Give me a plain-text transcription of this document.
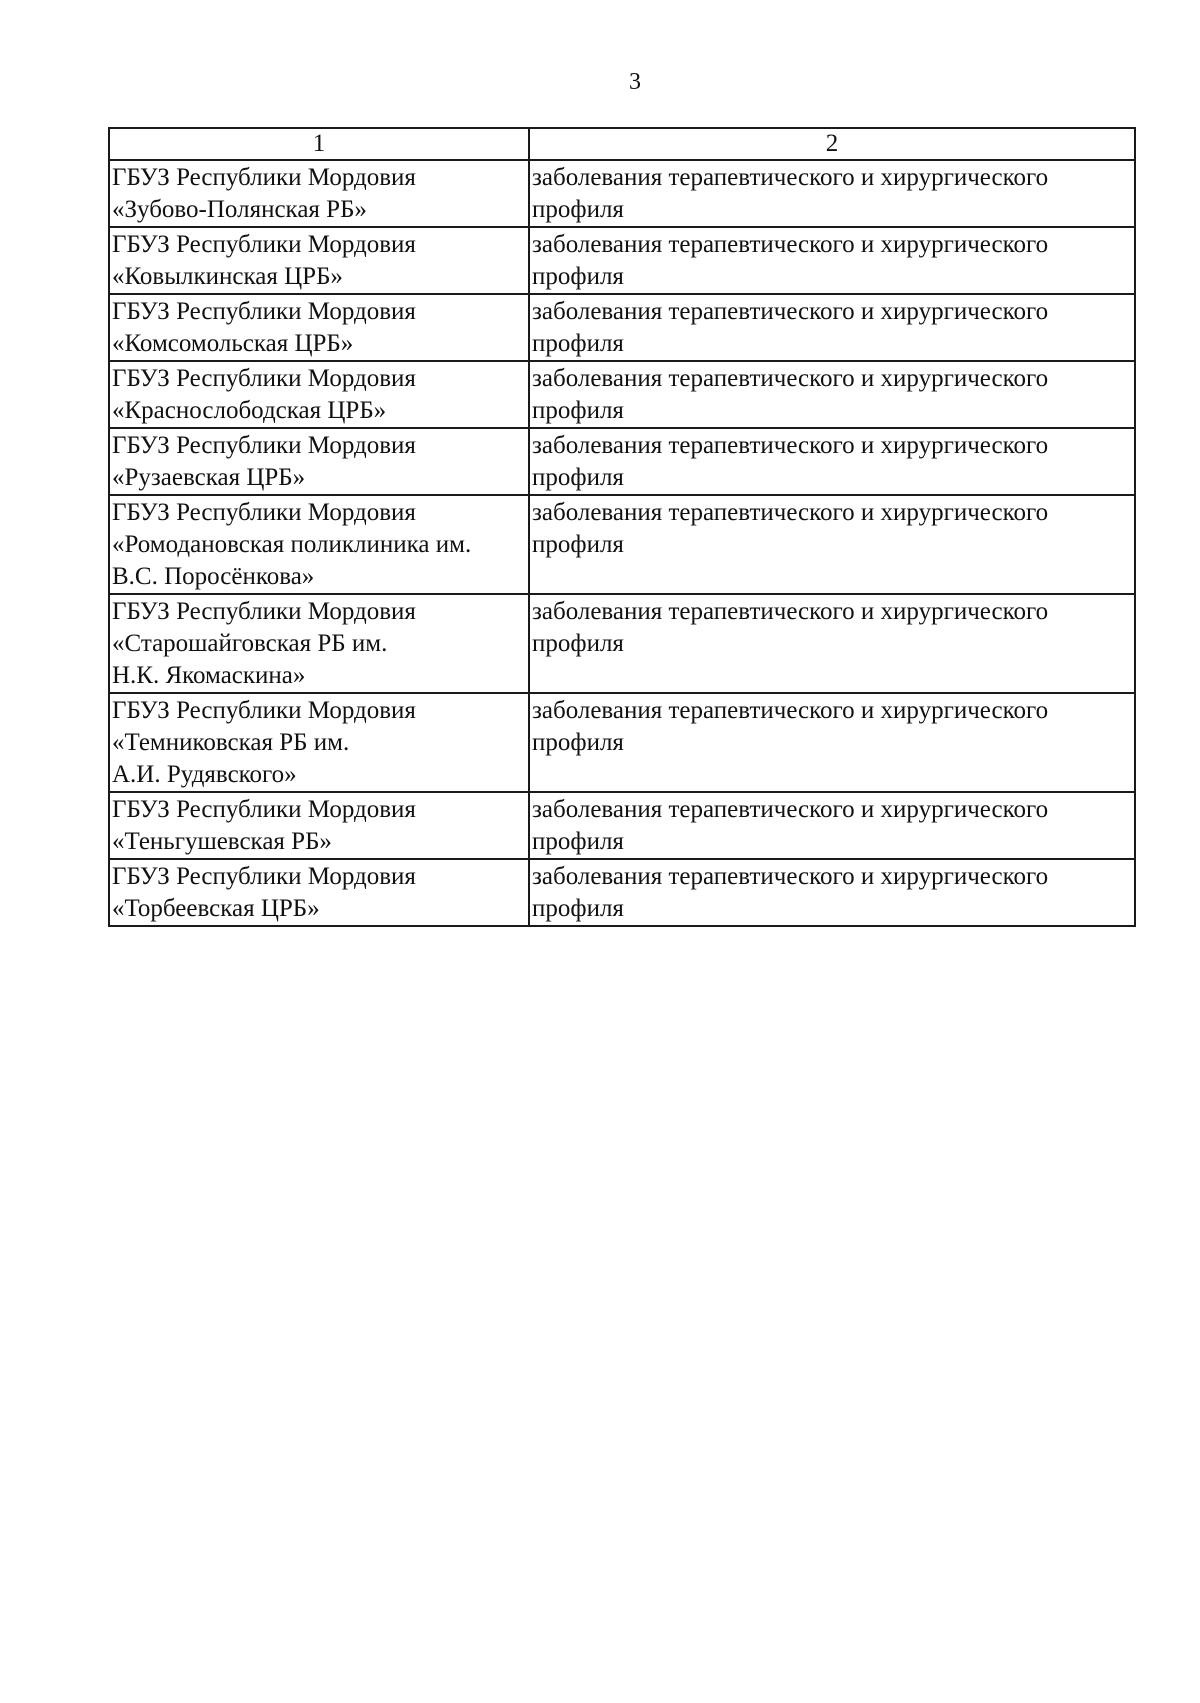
3
1	2

ГБУЗ Республики Мордовия
«Зубово-Полянская РБ»	заболевания терапевтического и хирургического
профиля

ГБУЗ Республики Мордовия
«Ковылкинская ЦРБ»	заболевания терапевтического и хирургического
профиля

ГБУЗ Республики Мордовия
«Комсомольская ЦРБ»	заболевания терапевтического и хирургического
профиля

ГБУЗ Республики Мордовия
«Краснослободская ЦРБ»	заболевания терапевтического и хирургического
профиля

ГБУЗ Республики Мордовия
«Рузаевская ЦРБ»	заболевания терапевтического и хирургического
профиля

ГБУЗ Республики Мордовия
«Ромодановская поликлиника им.
В.С. Поросёнкова»	заболевания терапевтического и хирургического
профиля

ГБУЗ Республики Мордовия
«Старошайговская РБ им.
Н.К. Якомаскина»	заболевания терапевтического и хирургического
профиля

ГБУЗ Республики Мордовия
«Темниковская РБ им.
А.И. Рудявского»	заболевания терапевтического и хирургического
профиля

ГБУЗ Республики Мордовия
«Теньгушевская РБ»	заболевания терапевтического и хирургического
профиля

ГБУЗ Республики Мордовия
«Торбеевская ЦРБ»	заболевания терапевтического и хирургического
профиля
